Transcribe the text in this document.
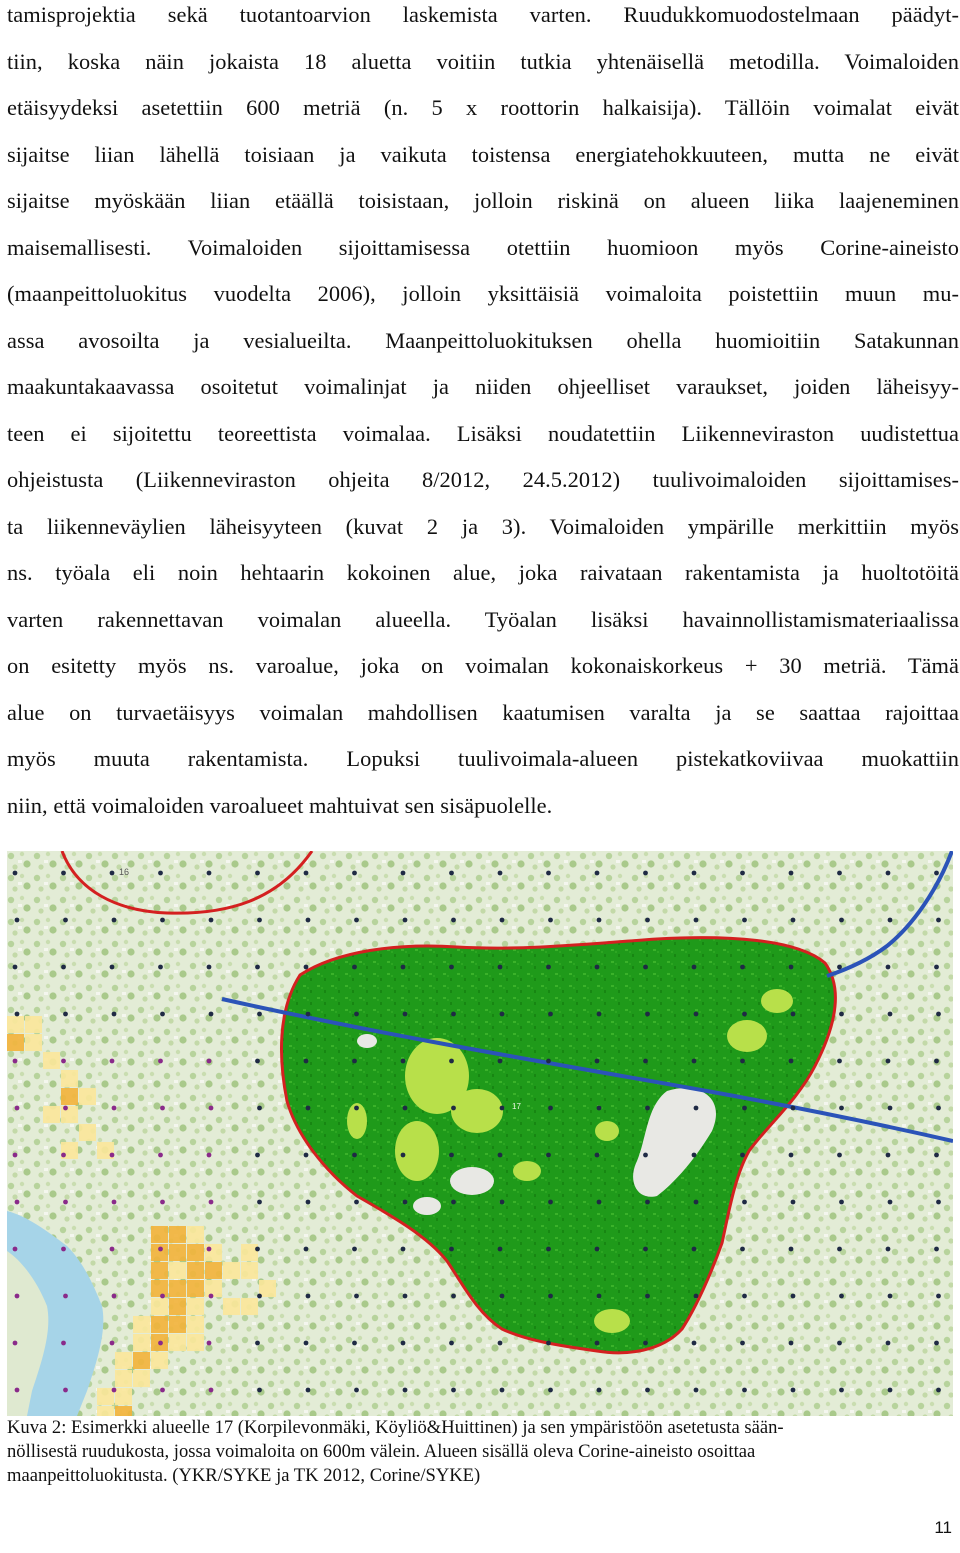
tamisprojektia sekä tuotantoarvion laskemista varten. Ruudukkomuodostelmaan päädyt-
tiin, koska näin jokaista 18 aluetta voitiin tutkia yhtenäisellä metodilla. Voimaloiden
etäisyydeksi asetettiin 600 metriä (n. 5 x roottorin halkaisija). Tällöin voimalat eivät
sijaitse liian lähellä toisiaan ja vaikuta toistensa energiatehokkuuteen, mutta ne eivät
sijaitse myöskään liian etäällä toisistaan, jolloin riskinä on alueen liika laajeneminen
maisemallisesti. Voimaloiden sijoittamisessa otettiin huomioon myös Corine-aineisto
(maanpeittoluokitus vuodelta 2006), jolloin yksittäisiä voimaloita poistettiin muun mu-
assa avosoilta ja vesialueilta. Maanpeittoluokituksen ohella huomioitiin Satakunnan
maakuntakaavassa osoitetut voimalinjat ja niiden ohjeelliset varaukset, joiden läheisyy-
teen ei sijoitettu teoreettista voimalaa. Lisäksi noudatettiin Liikenneviraston uudistettua
ohjeistusta (Liikenneviraston ohjeita 8/2012, 24.5.2012) tuulivoimaloiden sijoittamises-
ta liikenneväylien läheisyyteen (kuvat 2 ja 3). Voimaloiden ympärille merkittiin myös
ns. työala eli noin hehtaarin kokoinen alue, joka raivataan rakentamista ja huoltotöitä
varten rakennettavan voimalan alueella. Työalan lisäksi havainnollistamismateriaalissa
on esitetty myös ns. varoalue, joka on voimalan kokonaiskorkeus + 30 metriä. Tämä
alue on turvaetäisyys voimalan mahdollisen kaatumisen varalta ja se saattaa rajoittaa
myös muuta rakentamista. Lopuksi tuulivoimala-alueen pistekatkoviivaa muokattiin
niin, että voimaloiden varoalueet mahtuivat sen sisäpuolelle.
16
17
Kuva 2: Esimerkki alueelle 17 (Korpilevonmäki, Köyliö&Huittinen) ja sen ympäristöön asetetusta sään-
nöllisestä ruudukosta, jossa voimaloita on 600m välein. Alueen sisällä oleva Corine-aineisto osoittaa
maanpeittoluokitusta. (YKR/SYKE ja TK 2012, Corine/SYKE)
11
